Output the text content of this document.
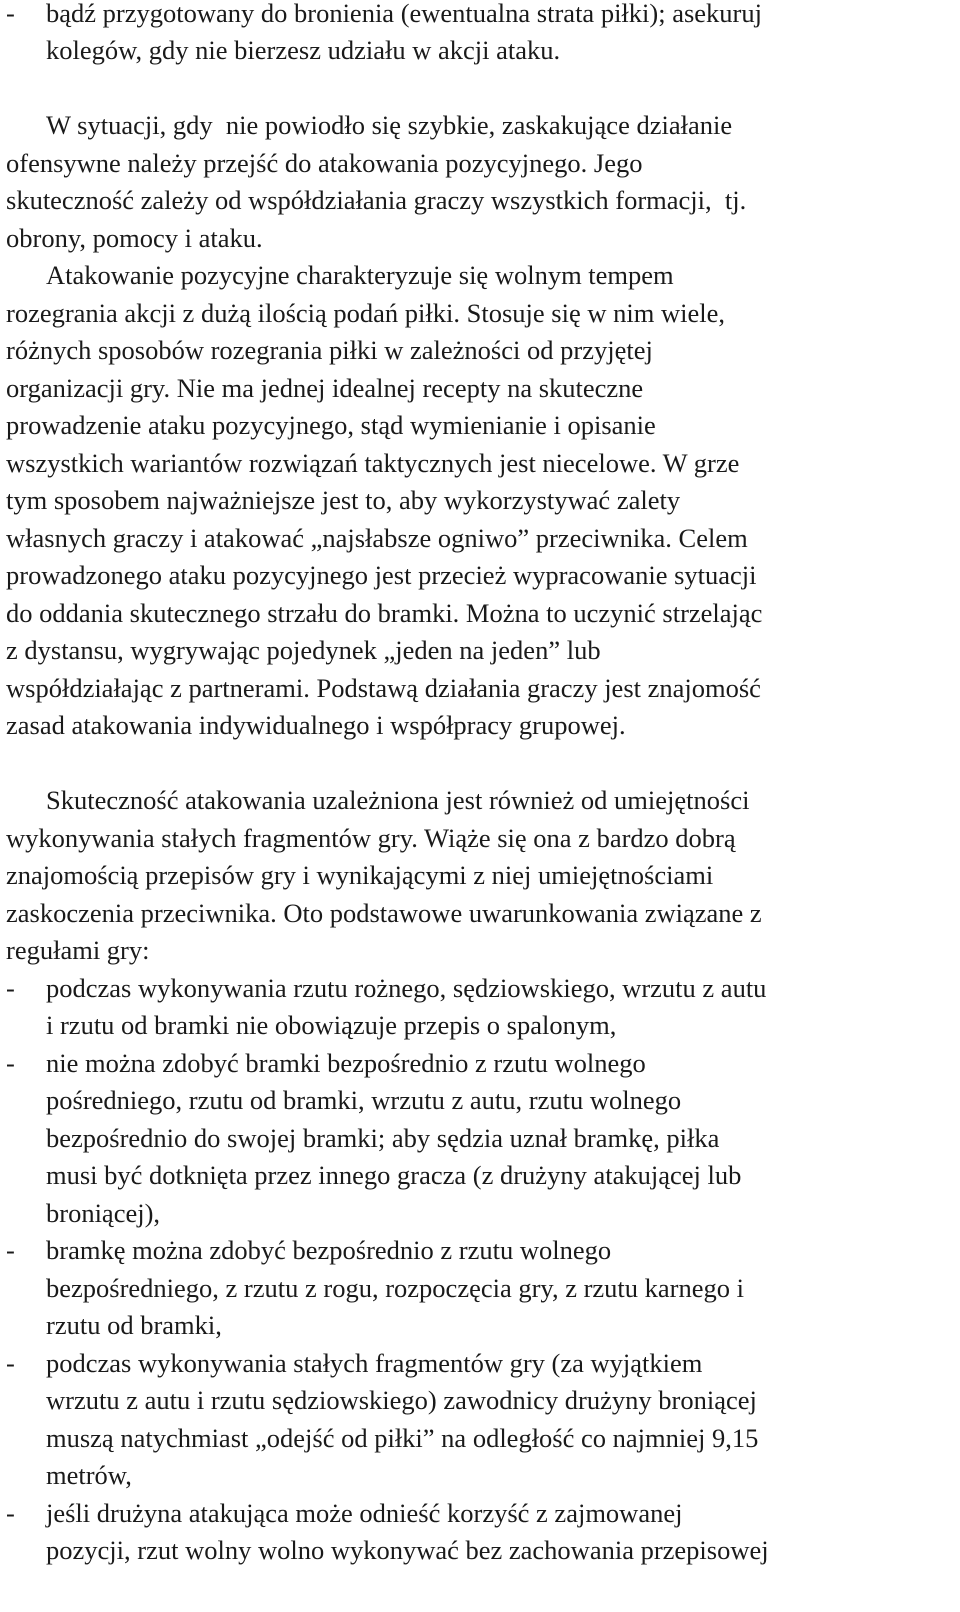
- bądź przygotowany do bronienia (ewentualna strata piłki); asekuruj
kolegów, gdy nie bierzesz udziału w akcji ataku.
W sytuacji, gdy  nie powiodło się szybkie, zaskakujące działanie
ofensywne należy przejść do atakowania pozycyjnego. Jego
skuteczność zależy od współdziałania graczy wszystkich formacji,  tj.
obrony, pomocy i ataku.
Atakowanie pozycyjne charakteryzuje się wolnym tempem
rozegrania akcji z dużą ilością podań piłki. Stosuje się w nim wiele,
różnych sposobów rozegrania piłki w zależności od przyjętej
organizacji gry. Nie ma jednej idealnej recepty na skuteczne
prowadzenie ataku pozycyjnego, stąd wymienianie i opisanie
wszystkich wariantów rozwiązań taktycznych jest niecelowe. W grze
tym sposobem najważniejsze jest to, aby wykorzystywać zalety
własnych graczy i atakować „najsłabsze ogniwo” przeciwnika. Celem
prowadzonego ataku pozycyjnego jest przecież wypracowanie sytuacji
do oddania skutecznego strzału do bramki. Można to uczynić strzelając
z dystansu, wygrywając pojedynek „jeden na jeden” lub
współdziałając z partnerami. Podstawą działania graczy jest znajomość
zasad atakowania indywidualnego i współpracy grupowej.
Skuteczność atakowania uzależniona jest również od umiejętności
wykonywania stałych fragmentów gry. Wiąże się ona z bardzo dobrą
znajomością przepisów gry i wynikającymi z niej umiejętnościami
zaskoczenia przeciwnika. Oto podstawowe uwarunkowania związane z
regułami gry:
- podczas wykonywania rzutu rożnego, sędziowskiego, wrzutu z autu
i rzutu od bramki nie obowiązuje przepis o spalonym,
- nie można zdobyć bramki bezpośrednio z rzutu wolnego
pośredniego, rzutu od bramki, wrzutu z autu, rzutu wolnego
bezpośrednio do swojej bramki; aby sędzia uznał bramkę, piłka
musi być dotknięta przez innego gracza (z drużyny atakującej lub
broniącej),
- bramkę można zdobyć bezpośrednio z rzutu wolnego
bezpośredniego, z rzutu z rogu, rozpoczęcia gry, z rzutu karnego i
rzutu od bramki,
- podczas wykonywania stałych fragmentów gry (za wyjątkiem
wrzutu z autu i rzutu sędziowskiego) zawodnicy drużyny broniącej
muszą natychmiast „odejść od piłki” na odległość co najmniej 9,15
metrów,
- jeśli drużyna atakująca może odnieść korzyść z zajmowanej
pozycji, rzut wolny wolno wykonywać bez zachowania przepisowej
